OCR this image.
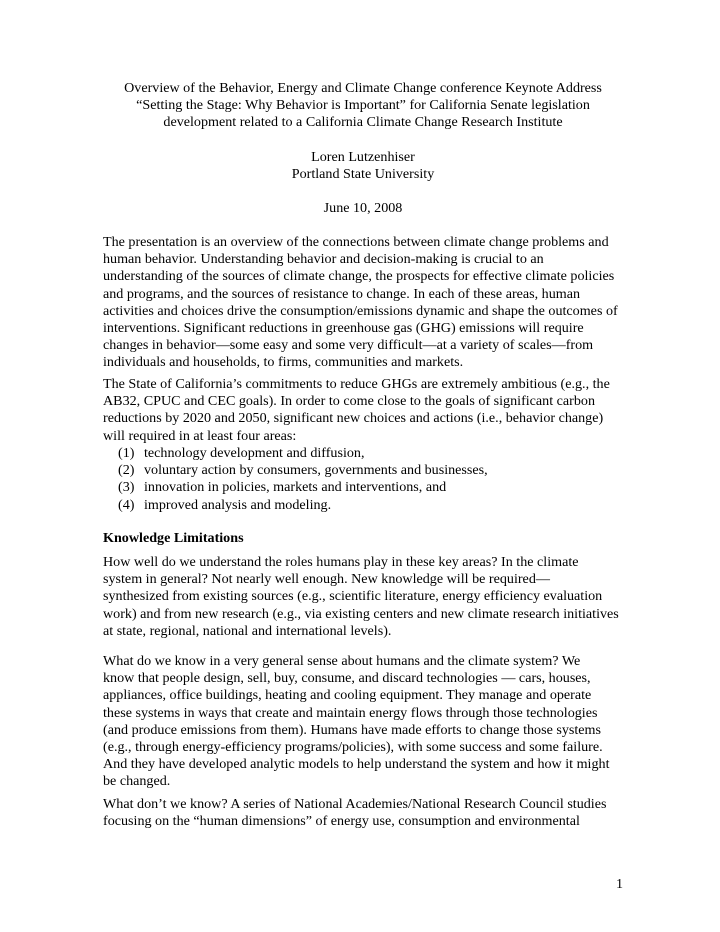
Overview of the Behavior, Energy and Climate Change conference Keynote Address
“Setting the Stage: Why Behavior is Important” for California Senate legislation
development related to a California Climate Change Research Institute
Loren Lutzenhiser
Portland State University
June 10, 2008
The presentation is an overview of the connections between climate change problems and
human behavior. Understanding behavior and decision-making is crucial to an
understanding of the sources of climate change, the prospects for effective climate policies
and programs, and the sources of resistance to change. In each of these areas, human
activities and choices drive the consumption/emissions dynamic and shape the outcomes of
interventions. Significant reductions in greenhouse gas (GHG) emissions will require
changes in behavior—some easy and some very difficult—at a variety of scales—from
individuals and households, to firms, communities and markets.
The State of California’s commitments to reduce GHGs are extremely ambitious (e.g., the
AB32, CPUC and CEC goals). In order to come close to the goals of significant carbon
reductions by 2020 and 2050, significant new choices and actions (i.e., behavior change)
will required in at least four areas:
(1) technology development and diffusion,
(2) voluntary action by consumers, governments and businesses,
(3) innovation in policies, markets and interventions, and
(4) improved analysis and modeling.
Knowledge Limitations
How well do we understand the roles humans play in these key areas? In the climate
system in general? Not nearly well enough. New knowledge will be required—
synthesized from existing sources (e.g., scientific literature, energy efficiency evaluation
work) and from new research (e.g., via existing centers and new climate research initiatives
at state, regional, national and international levels).
What do we know in a very general sense about humans and the climate system? We
know that people design, sell, buy, consume, and discard technologies — cars, houses,
appliances, office buildings, heating and cooling equipment. They manage and operate
these systems in ways that create and maintain energy flows through those technologies
(and produce emissions from them). Humans have made efforts to change those systems
(e.g., through energy-efficiency programs/policies), with some success and some failure.
And they have developed analytic models to help understand the system and how it might
be changed.
What don’t we know? A series of National Academies/National Research Council studies
focusing on the “human dimensions” of energy use, consumption and environmental
1
